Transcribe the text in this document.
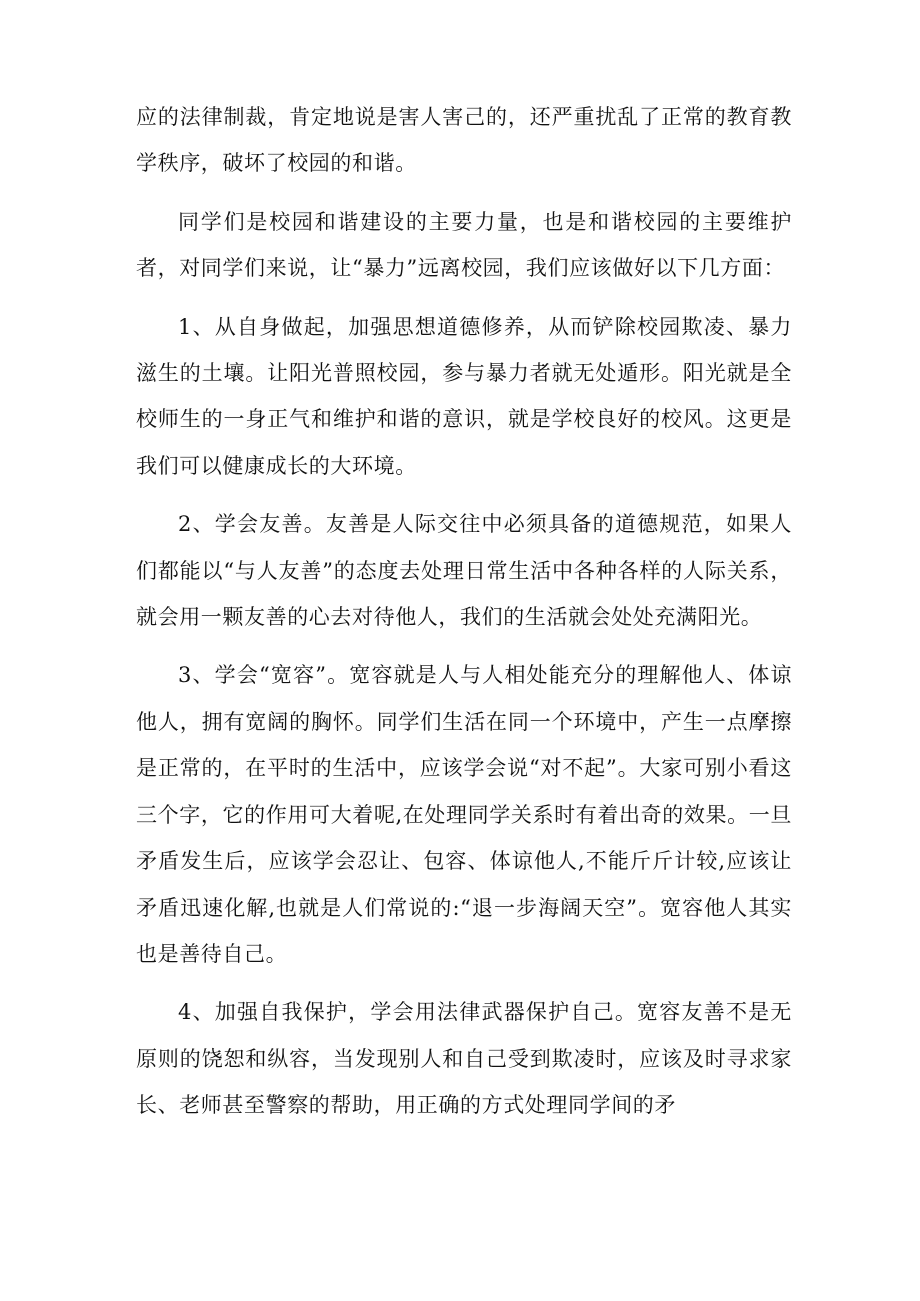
应的法律制裁，肯定地说是害人害己的，还严重扰乱了正常的教育教学秩序，破坏了校园的和谐。

同学们是校园和谐建设的主要力量，也是和谐校园的主要维护者，对同学们来说，让“暴力”远离校园，我们应该做好以下几方面：

1、从自身做起，加强思想道德修养，从而铲除校园欺凌、暴力滋生的土壤。让阳光普照校园，参与暴力者就无处遁形。阳光就是全校师生的一身正气和维护和谐的意识，就是学校良好的校风。这更是我们可以健康成长的大环境。

2、学会友善。友善是人际交往中必须具备的道德规范，如果人们都能以“与人友善”的态度去处理日常生活中各种各样的人际关系，就会用一颗友善的心去对待他人，我们的生活就会处处充满阳光。

3、学会“宽容”。宽容就是人与人相处能充分的理解他人、体谅他人，拥有宽阔的胸怀。同学们生活在同一个环境中，产生一点摩擦是正常的，在平时的生活中，应该学会说“对不起”。大家可别小看这三个字，它的作用可大着呢,在处理同学关系时有着出奇的效果。一旦矛盾发生后，应该学会忍让、包容、体谅他人,不能斤斤计较,应该让矛盾迅速化解,也就是人们常说的:“退一步海阔天空”。宽容他人其实也是善待自己。

4、加强自我保护，学会用法律武器保护自己。宽容友善不是无原则的饶恕和纵容，当发现别人和自己受到欺凌时，应该及时寻求家长、老师甚至警察的帮助，用正确的方式处理同学间的矛
